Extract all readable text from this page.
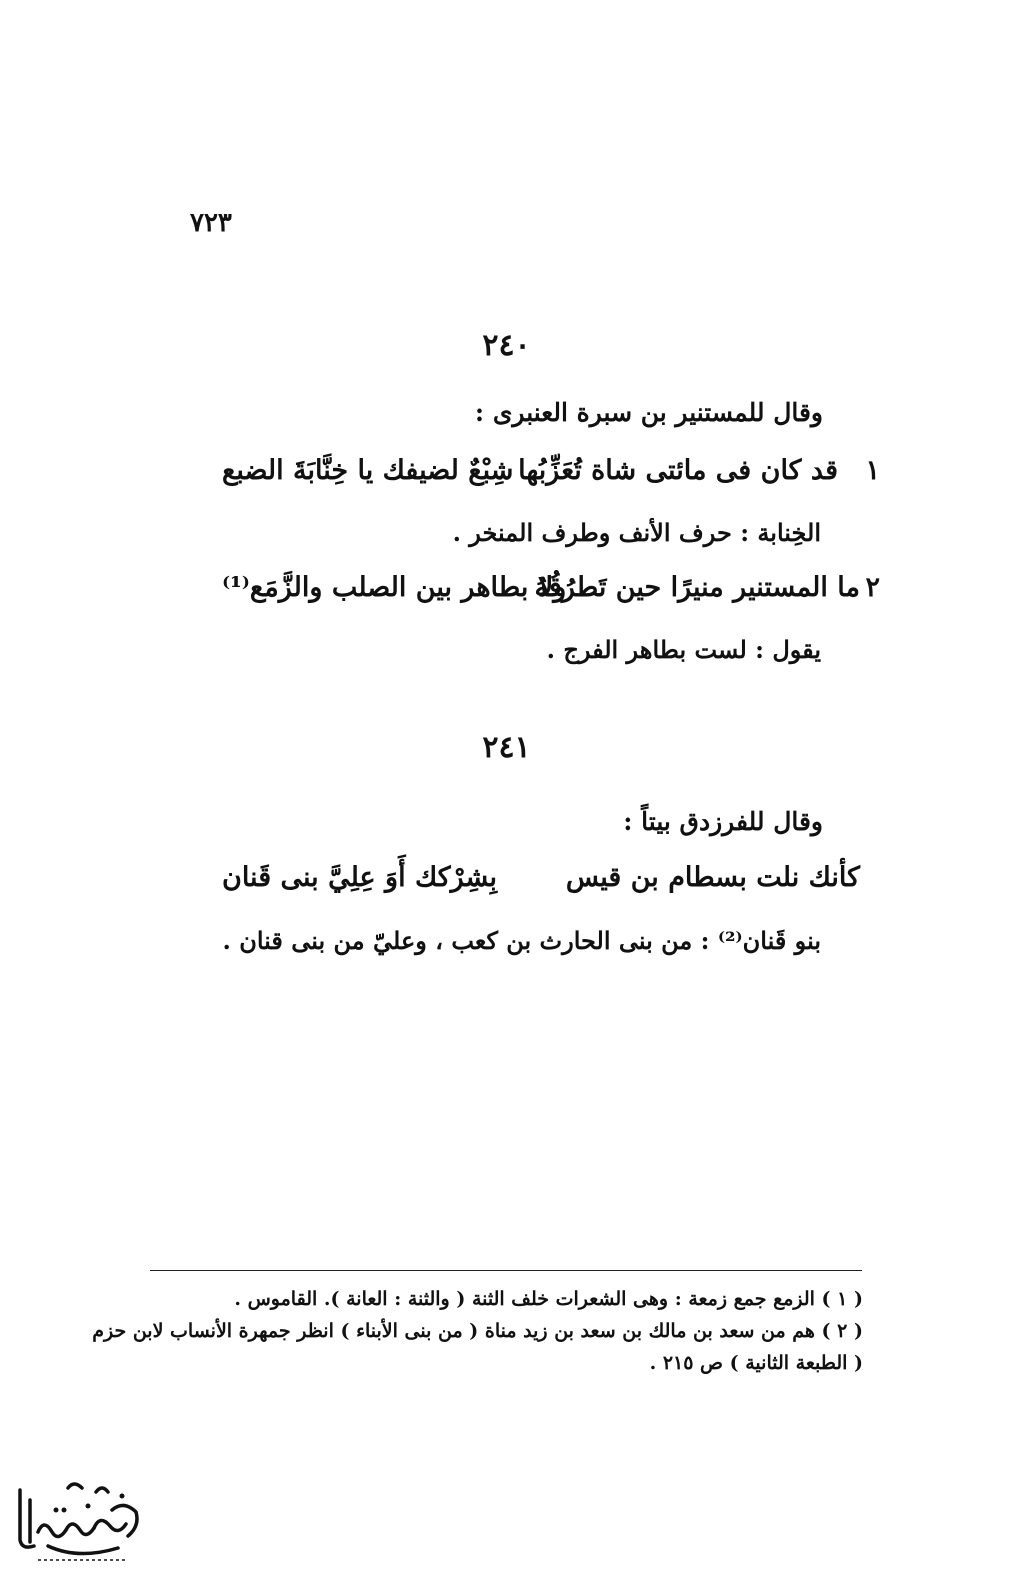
٧٢٣
٢٤٠
وقال للمستنير بن سبرة العنبرى :
١
قد كان فى مائتى شاة تُعَزِّبُها
شِبْعٌ لضيفك يا خِنَّابَةَ الضبع
الخِنابة : حرف الأنف وطرف المنخر .
٢
ما المستنير منيرًا حين تَطرُقُهُ
ولا بطاهر بين الصلب والزَّمَع⁽¹⁾
يقول : لست بطاهر الفرج .
٢٤١
وقال للفرزدق بيتاً :
كأنك نلت بسطام بن قيس
بِشِرْكك أَوَ عِلِيَّ بنى قَنان
بنو قَنان⁽²⁾ : من بنى الحارث بن كعب ، وعليّ من بنى قنان .
( ١ ) الزمع جمع زمعة : وهى الشعرات خلف الثنة ( والثنة : العانة ). القاموس .
( ٢ ) هم من سعد بن مالك بن سعد بن زيد مناة ( من بنى الأبناء ) انظر جمهرة الأنساب لابن حزم
( الطبعة الثانية ) ص ٢١٥ .
